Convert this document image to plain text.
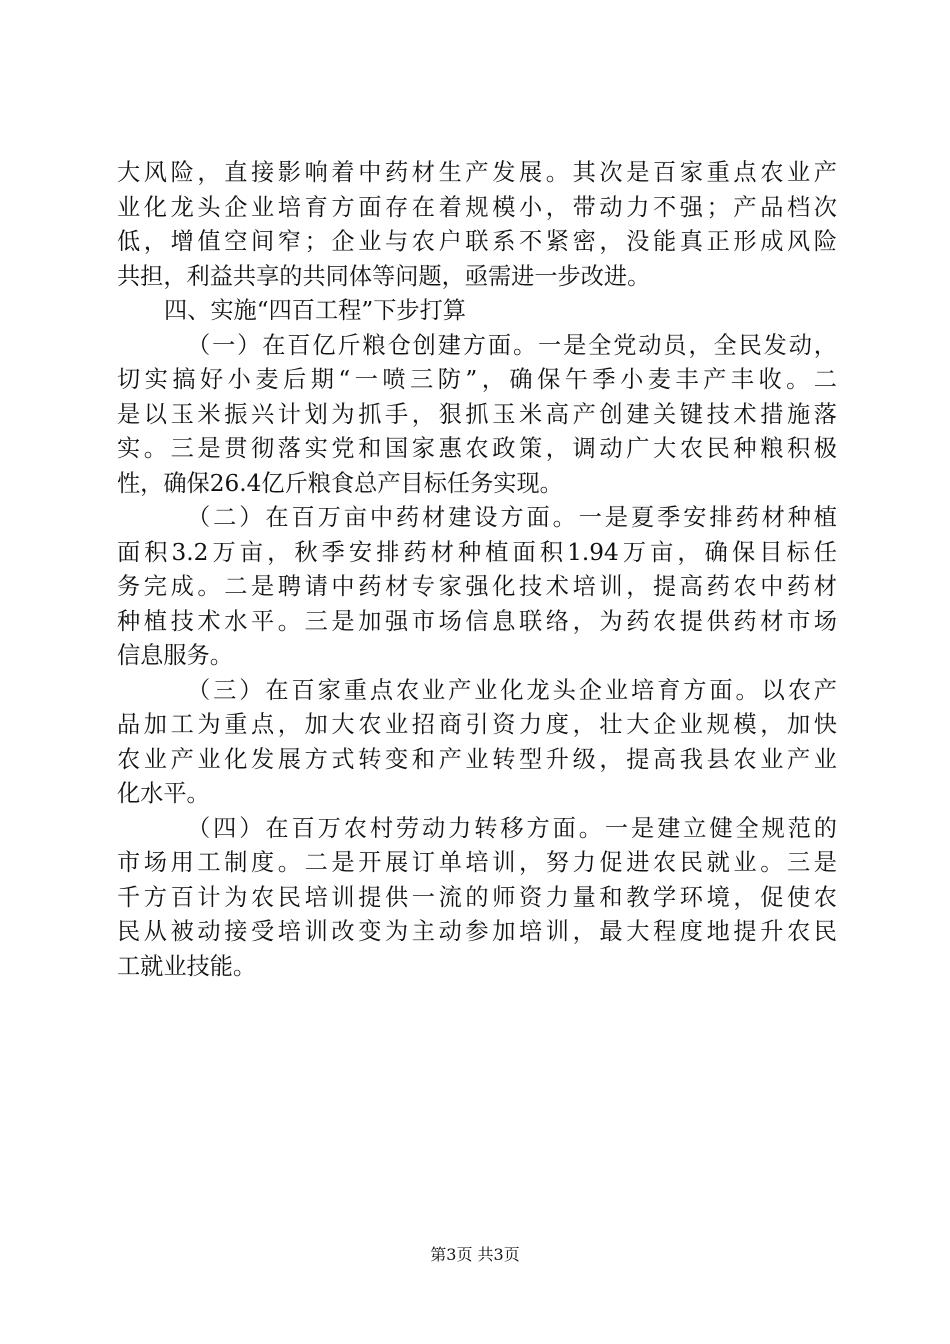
大风险，直接影响着中药材生产发展。其次是百家重点农业产
业化龙头企业培育方面存在着规模小，带动力不强；产品档次
低，增值空间窄；企业与农户联系不紧密，没能真正形成风险
共担，利益共享的共同体等问题，亟需进一步改进。
四、实施“四百工程”下步打算
（一）在百亿斤粮仓创建方面。一是全党动员，全民发动，
切实搞好小麦后期“一喷三防”，确保午季小麦丰产丰收。二
是以玉米振兴计划为抓手，狠抓玉米高产创建关键技术措施落
实。三是贯彻落实党和国家惠农政策，调动广大农民种粮积极
性，确保26.4亿斤粮食总产目标任务实现。
（二）在百万亩中药材建设方面。一是夏季安排药材种植
面积3.2万亩，秋季安排药材种植面积1.94万亩，确保目标任
务完成。二是聘请中药材专家强化技术培训，提高药农中药材
种植技术水平。三是加强市场信息联络，为药农提供药材市场
信息服务。
（三）在百家重点农业产业化龙头企业培育方面。以农产
品加工为重点，加大农业招商引资力度，壮大企业规模，加快
农业产业化发展方式转变和产业转型升级，提高我县农业产业
化水平。
（四）在百万农村劳动力转移方面。一是建立健全规范的
市场用工制度。二是开展订单培训，努力促进农民就业。三是
千方百计为农民培训提供一流的师资力量和教学环境，促使农
民从被动接受培训改变为主动参加培训，最大程度地提升农民
工就业技能。
第3页 共3页
